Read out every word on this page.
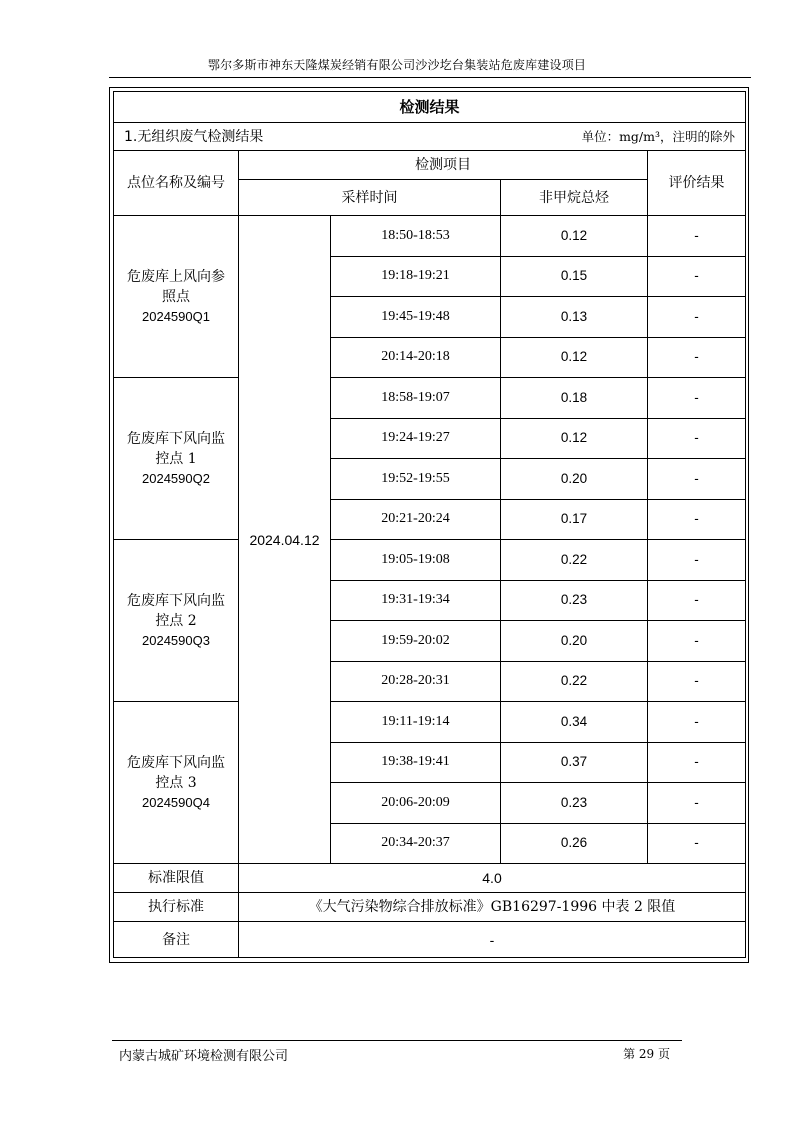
鄂尔多斯市神东天隆煤炭经销有限公司沙沙圪台集装站危废库建设项目
检测结果				

1.无组织废气检测结果 单位：mg/m³，注明的除外				

点位名称及编号	检测项目			评价结果
	采样时间		非甲烷总烃	
危废库上风向参照点
2024590Q1	2024.04.12	18:50-18:53	0.12	-
		19:18-19:21	0.15	-
		19:45-19:48	0.13	-
		20:14-20:18	0.12	-
危废库下风向监控点 1
2024590Q2		18:58-19:07	0.18	-
		19:24-19:27	0.12	-
		19:52-19:55	0.20	-
		20:21-20:24	0.17	-
危废库下风向监控点 2
2024590Q3		19:05-19:08	0.22	-
		19:31-19:34	0.23	-
		19:59-20:02	0.20	-
		20:28-20:31	0.22	-
危废库下风向监控点 3
2024590Q4		19:11-19:14	0.34	-
		19:38-19:41	0.37	-
		20:06-20:09	0.23	-
		20:34-20:37	0.26	-
标准限值	4.0			
执行标准	《大气污染物综合排放标准》GB16297-1996 中表 2 限值			
备注	-			
内蒙古城矿环境检测有限公司	第 29 页
